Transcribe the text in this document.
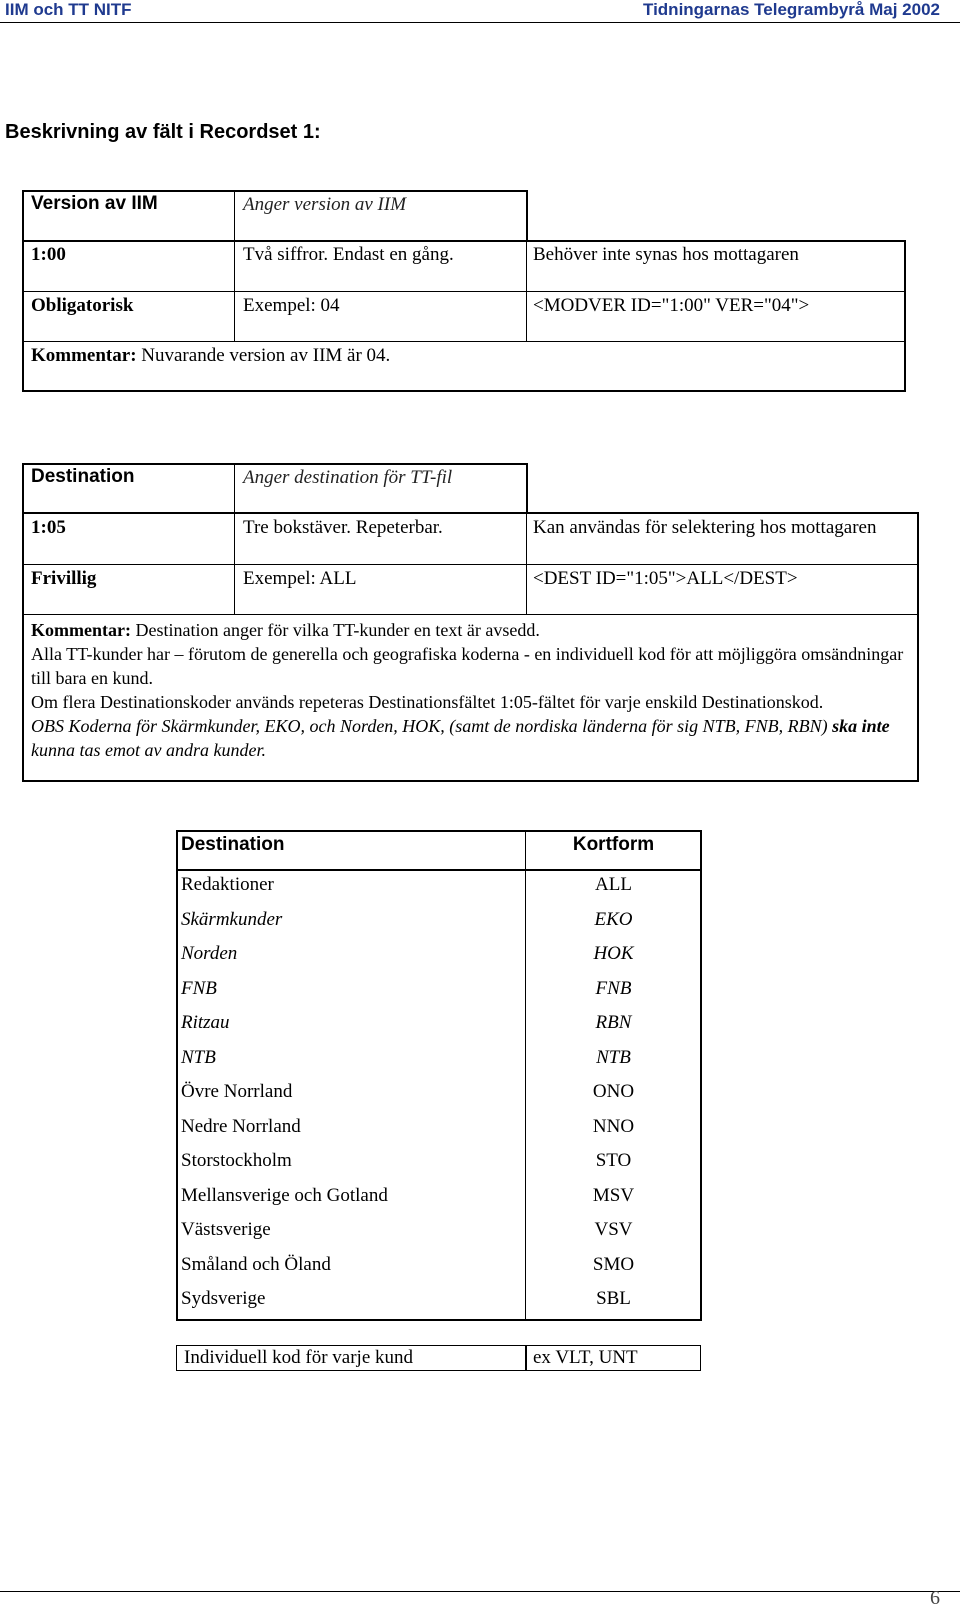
IIM och TT NITF	Tidningarnas Telegrambyrå Maj 2002
Beskrivning av fält i Recordset 1:
Version av IIM	Anger version av IIM
1:00	Två siffror. Endast en gång.	Behöver inte synas hos mottagaren
Obligatorisk	Exempel: 04	<MODVER ID="1:00" VER="04">
Kommentar: Nuvarande version av IIM är 04.
Destination	Anger destination för TT-fil
1:05	Tre bokstäver. Repeterbar.	Kan användas för selektering hos mottagaren
Frivillig	Exempel: ALL	<DEST ID="1:05">ALL</DEST>
Kommentar: Destination anger för vilka TT-kunder en text är avsedd.
Alla TT-kunder har – förutom de generella och geografiska koderna - en individuell kod för att möjliggöra omsändningar till bara en kund.
Om flera Destinationskoder används repeteras Destinationsfältet 1:05-fältet för varje enskild Destinationskod.
OBS Koderna för Skärmkunder, EKO, och Norden, HOK, (samt de nordiska länderna för sig NTB, FNB, RBN) ska inte kunna tas emot av andra kunder.
Destination	Kortform
Redaktioner	ALL
Skärmkunder	EKO
Norden	HOK
FNB	FNB
Ritzau	RBN
NTB	NTB
Övre Norrland	ONO
Nedre Norrland	NNO
Storstockholm	STO
Mellansverige och Gotland	MSV
Västsverige	VSV
Småland och Öland	SMO
Sydsverige	SBL
Individuell kod för varje kund	ex VLT, UNT
6
